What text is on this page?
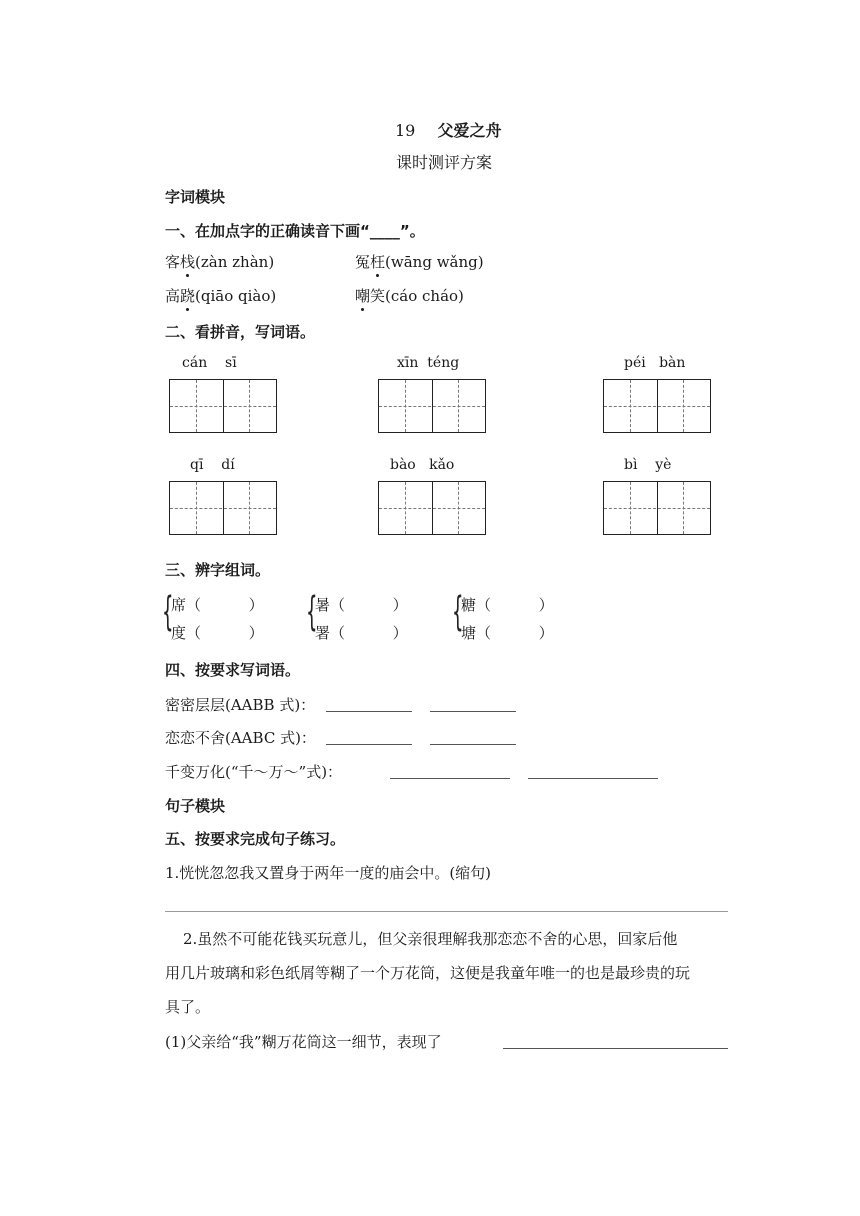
19 父爱之舟
课时测评方案
字词模块
一、在加点字的正确读音下画“____”。
客栈(zàn zhàn)	冤枉(wāng wǎng)
高跷(qiāo qiào)	嘲笑(cáo cháo)
二、看拼音，写词语。
cán    sī	xīn  téng	péi   bàn
qī    dí	bào   kǎo	bì    yè
三、辨字组词。
{
席（          ）
度（          ） {
暑（          ）
署（          ） {
糖（          ）
塘（          ）
四、按要求写词语。
密密层层(AABB 式)：
恋恋不舍(AABC 式)：
千变万化(“千～万～”式)：
句子模块
五、按要求完成句子练习。
1.恍恍忽忽我又置身于两年一度的庙会中。(缩句)
2.虽然不可能花钱买玩意儿，但父亲很理解我那恋恋不舍的心思，回家后他
用几片玻璃和彩色纸屑等糊了一个万花筒，这便是我童年唯一的也是最珍贵的玩
具了。
(1)父亲给“我”糊万花筒这一细节，表现了
